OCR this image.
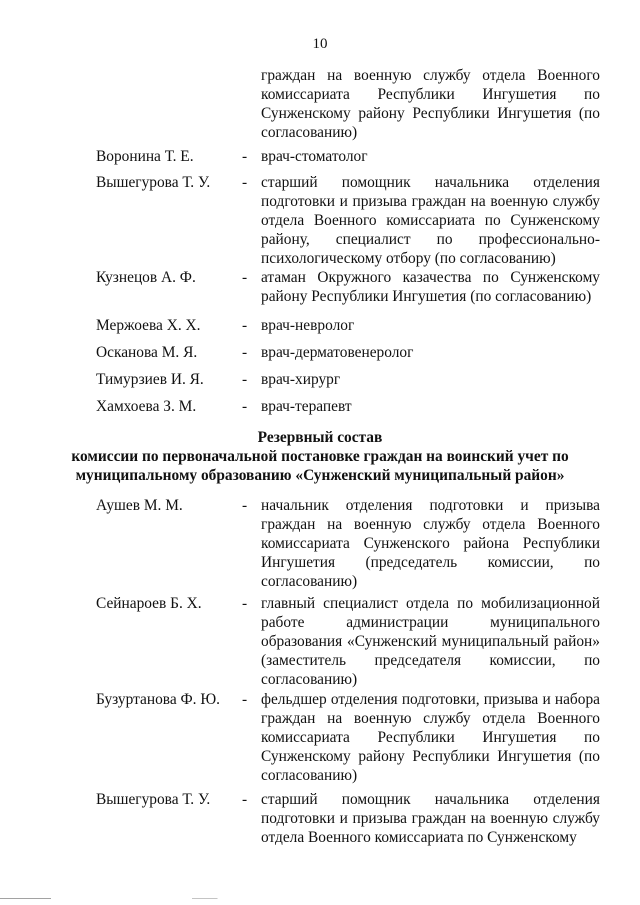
10
граждан на военную службу отдела Военного комиссариата Республики Ингушетия по Сунженскому району Республики Ингушетия (по согласованию)
Воронина Т. Е.	- врач-стоматолог
Вышегурова Т. У. - старший помощник начальника отделения подготовки и призыва граждан на военную службу отдела Военного комиссариата по Сунженскому району, специалист по профессионально-психологическому отбору (по согласованию)
Кузнецов А. Ф.	- атаман Окружного казачества по Сунженскому району Республики Ингушетия (по согласованию)
Мержоева Х. Х.	- врач-невролог
Осканова М. Я.	- врач-дерматовенеролог
Тимурзиев И. Я. - врач-хирург
Хамхоева З. М.	- врач-терапевт
Резервный состав
комиссии по первоначальной постановке граждан на воинский учет по муниципальному образованию «Сунженский муниципальный район»
Аушев М. М.	- начальник отделения подготовки и призыва граждан на военную службу отдела Военного комиссариата Сунженского района Республики Ингушетия (председатель комиссии, по согласованию)
Сейнароев Б. Х.	- главный специалист отдела по мобилизационной работе администрации муниципального образования «Сунженский муниципальный район» (заместитель председателя комиссии, по согласованию)
Бузуртанова Ф. Ю. - фельдшер отделения подготовки, призыва и набора граждан на военную службу отдела Военного комиссариата Республики Ингушетия по Сунженскому району Республики Ингушетия (по согласованию)
Вышегурова Т. У. - старший помощник начальника отделения подготовки и призыва граждан на военную службу отдела Военного комиссариата по Сунженскому
